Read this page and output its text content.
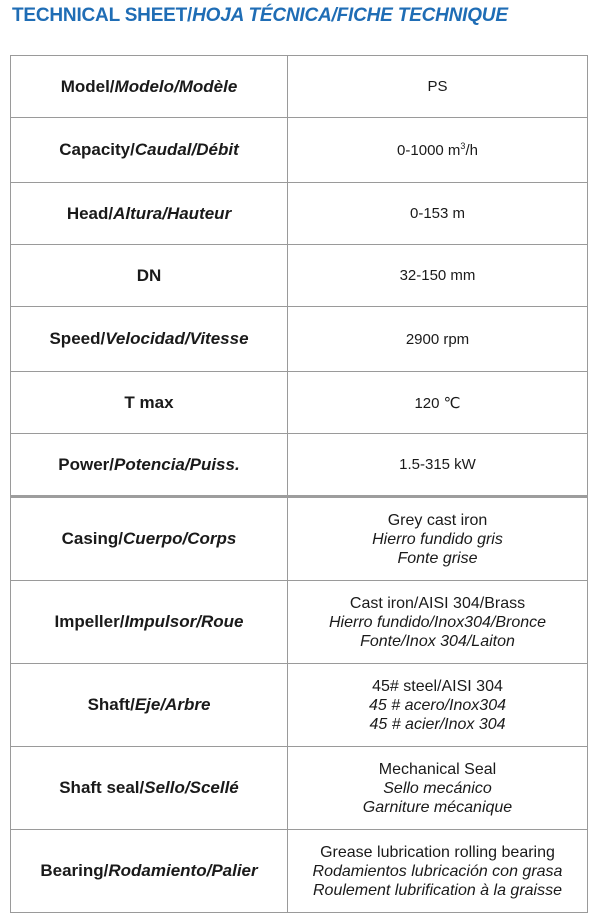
TECHNICAL SHEET/HOJA TÉCNICA/FICHE TECHNIQUE
Model/Modelo/Modèle	PS
Capacity/Caudal/Débit	0-1000 $m^3/h$
Head/Altura/Hauteur	0-153 m
DN	32-150 mm
Speed/Velocidad/Vitesse	2900 rpm
T max	120 ℃
Power/Potencia/Puiss.	1.5-315 kW
Casing/Cuerpo/Corps	Grey cast iron
Hierro fundido gris
Fonte grise

Impeller/Impulsor/Roue	Cast iron/AISI 304/Brass
Hierro fundido/Inox304/Bronce
Fonte/Inox 304/Laiton

Shaft/Eje/Arbre	45# steel/AISI 304
45 # acero/Inox304
45 # acier/Inox 304

Shaft seal/Sello/Scellé	Mechanical Seal
Sello mecánico
Garniture mécanique

Bearing/Rodamiento/Palier	Grease lubrication rolling bearing
Rodamientos lubricación con grasa
Roulement lubrification à la graisse
